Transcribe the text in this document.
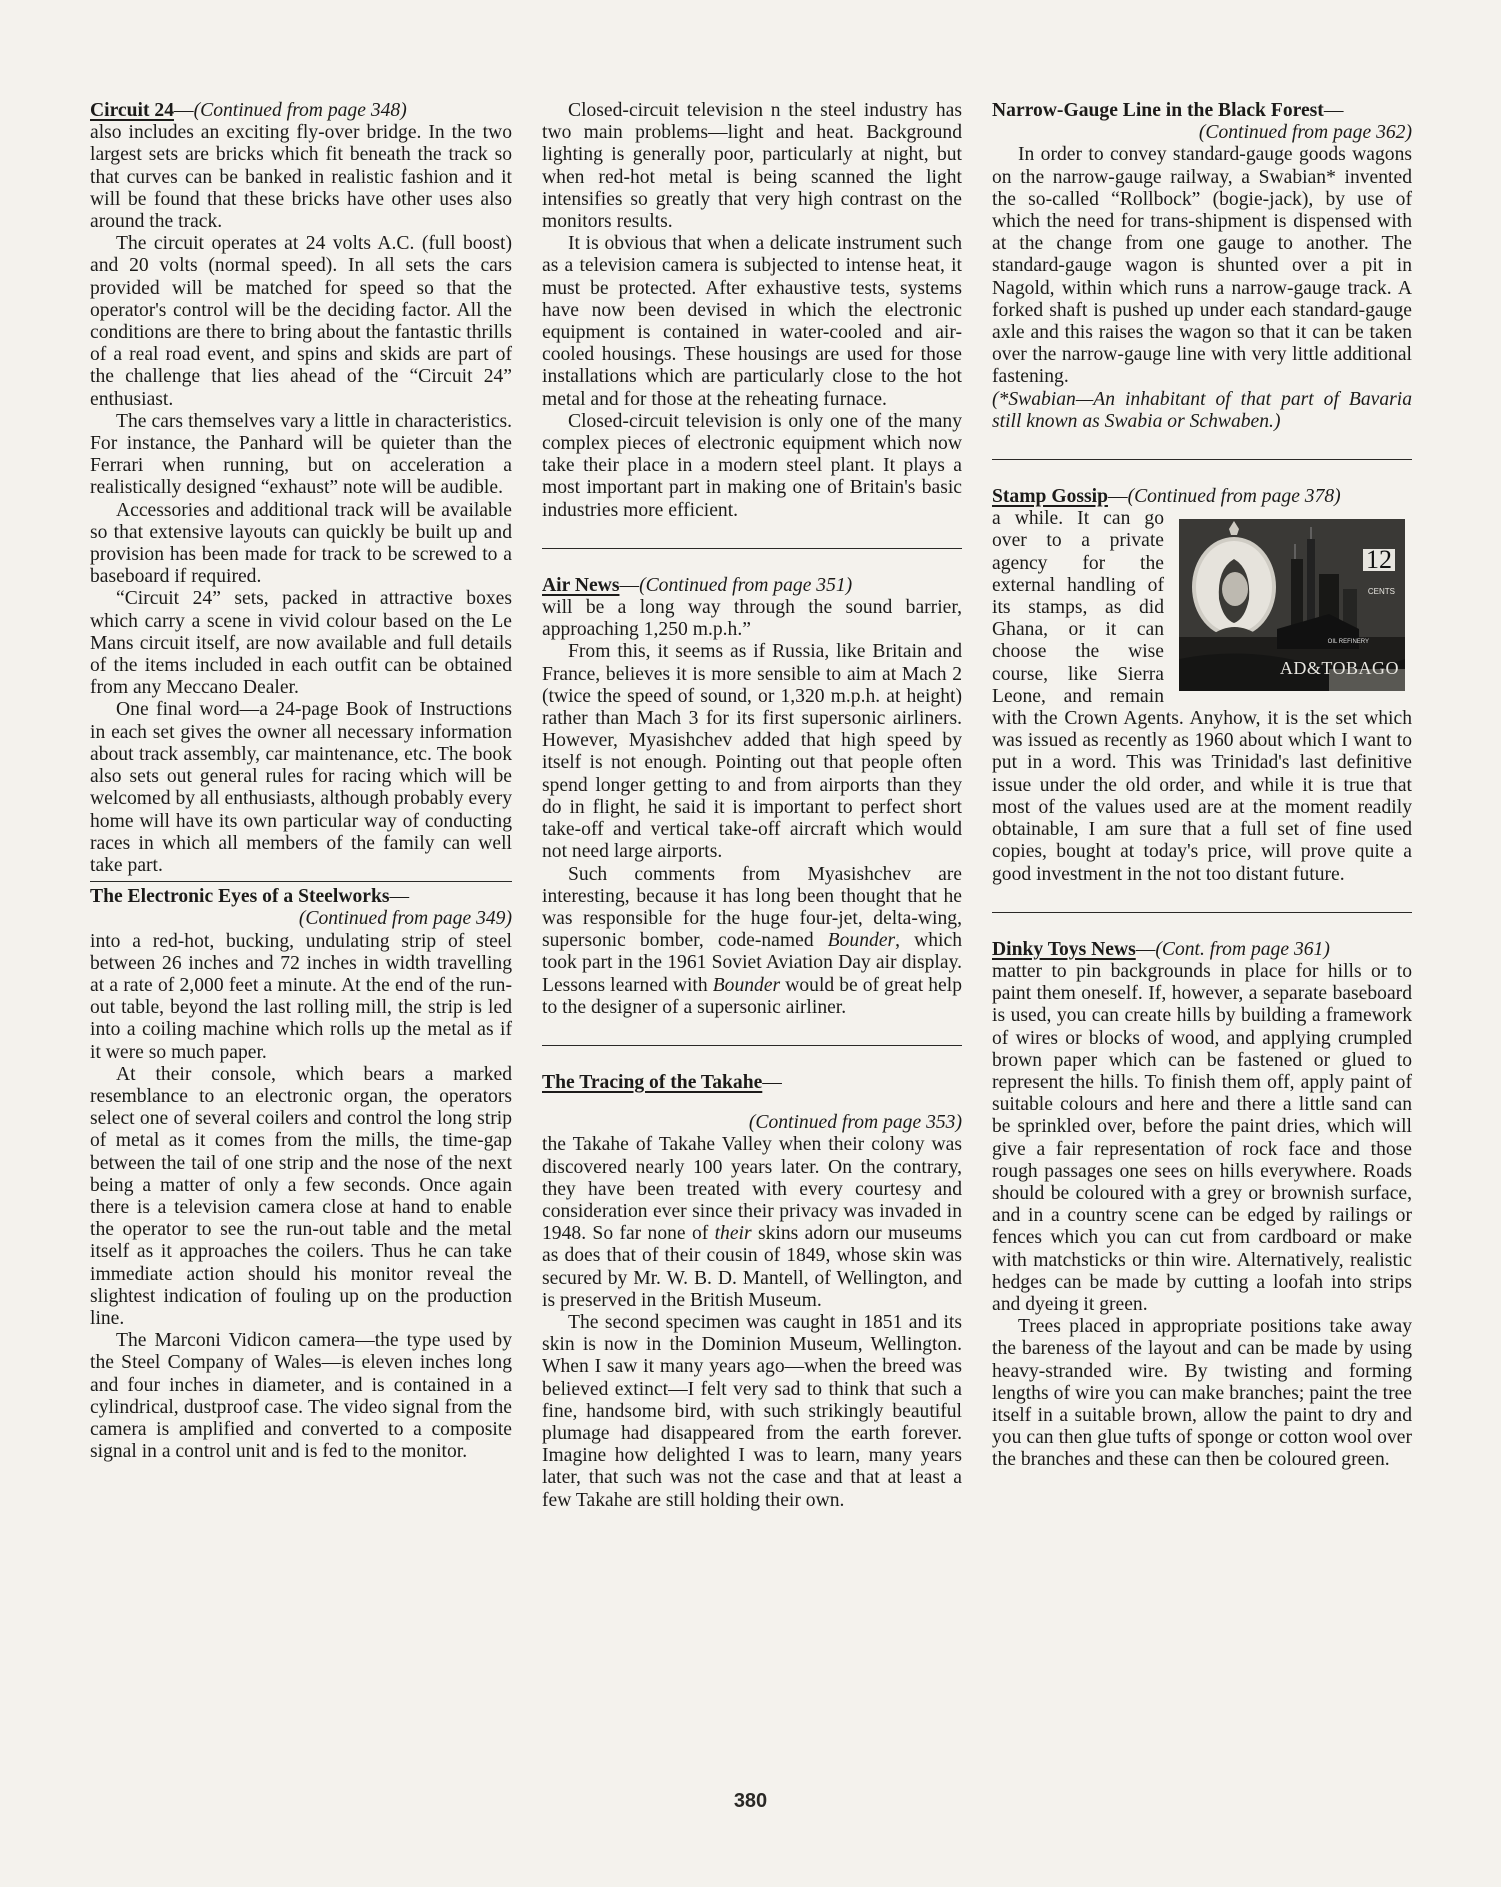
Circuit 24—(Continued from page 348)

also includes an exciting fly-over bridge. In the two largest sets are bricks which fit beneath the track so that curves can be banked in realistic fashion and it will be found that these bricks have other uses also around the track.

The circuit operates at 24 volts A.C. (full boost) and 20 volts (normal speed). In all sets the cars provided will be matched for speed so that the operator's control will be the deciding factor. All the conditions are there to bring about the fantastic thrills of a real road event, and spins and skids are part of the challenge that lies ahead of the “Circuit 24” enthusiast.

The cars themselves vary a little in characteristics. For instance, the Panhard will be quieter than the Ferrari when running, but on acceleration a realistically designed “exhaust” note will be audible.

Accessories and additional track will be available so that extensive layouts can quickly be built up and provision has been made for track to be screwed to a baseboard if required.

“Circuit 24” sets, packed in attractive boxes which carry a scene in vivid colour based on the Le Mans circuit itself, are now available and full details of the items included in each outfit can be obtained from any Meccano Dealer.

One final word—a 24-page Book of Instructions in each set gives the owner all necessary information about track assembly, car maintenance, etc. The book also sets out general rules for racing which will be welcomed by all enthusiasts, although probably every home will have its own particular way of conducting races in which all members of the family can well take part.

The Electronic Eyes of a Steelworks—
(Continued from page 349)

into a red-hot, bucking, undulating strip of steel between 26 inches and 72 inches in width travelling at a rate of 2,000 feet a minute. At the end of the run-out table, beyond the last rolling mill, the strip is led into a coiling machine which rolls up the metal as if it were so much paper.

At their console, which bears a marked resemblance to an electronic organ, the operators select one of several coilers and control the long strip of metal as it comes from the mills, the time-gap between the tail of one strip and the nose of the next being a matter of only a few seconds. Once again there is a television camera close at hand to enable the operator to see the run-out table and the metal itself as it approaches the coilers. Thus he can take immediate action should his monitor reveal the slightest indication of fouling up on the production line.

The Marconi Vidicon camera—the type used by the Steel Company of Wales—is eleven inches long and four inches in diameter, and is contained in a cylindrical, dustproof case. The video signal from the camera is amplified and converted to a composite signal in a control unit and is fed to the monitor.

Closed-circuit television n the steel industry has two main problems—light and heat. Background lighting is generally poor, particularly at night, but when red-hot metal is being scanned the light intensifies so greatly that very high contrast on the monitors results.

It is obvious that when a delicate instrument such as a television camera is subjected to intense heat, it must be protected. After exhaustive tests, systems have now been devised in which the electronic equipment is contained in water-cooled and air-cooled housings. These housings are used for those installations which are particularly close to the hot metal and for those at the reheating furnace.

Closed-circuit television is only one of the many complex pieces of electronic equipment which now take their place in a modern steel plant. It plays a most important part in making one of Britain's basic industries more efficient.

Air News—(Continued from page 351)

will be a long way through the sound barrier, approaching 1,250 m.p.h.”

From this, it seems as if Russia, like Britain and France, believes it is more sensible to aim at Mach 2 (twice the speed of sound, or 1,320 m.p.h. at height) rather than Mach 3 for its first supersonic airliners. However, Myasishchev added that high speed by itself is not enough. Pointing out that people often spend longer getting to and from airports than they do in flight, he said it is important to perfect short take-off and vertical take-off aircraft which would not need large airports.

Such comments from Myasishchev are interesting, because it has long been thought that he was responsible for the huge four-jet, delta-wing, supersonic bomber, code-named Bounder, which took part in the 1961 Soviet Aviation Day air display. Lessons learned with Bounder would be of great help to the designer of a supersonic airliner.

The Tracing of the Takahe—
(Continued from page 353)

the Takahe of Takahe Valley when their colony was discovered nearly 100 years later. On the contrary, they have been treated with every courtesy and consideration ever since their privacy was invaded in 1948. So far none of their skins adorn our museums as does that of their cousin of 1849, whose skin was secured by Mr. W. B. D. Mantell, of Wellington, and is preserved in the British Museum.

The second specimen was caught in 1851 and its skin is now in the Dominion Museum, Wellington. When I saw it many years ago—when the breed was believed extinct—I felt very sad to think that such a fine, handsome bird, with such strikingly beautiful plumage had disappeared from the earth forever. Imagine how delighted I was to learn, many years later, that such was not the case and that at least a few Takahe are still holding their own.

Narrow-Gauge Line in the Black Forest—
(Continued from page 362)

In order to convey standard-gauge goods wagons on the narrow-gauge railway, a Swabian* invented the so-called “Rollbock” (bogie-jack), by use of which the need for trans-shipment is dispensed with at the change from one gauge to another. The standard-gauge wagon is shunted over a pit in Nagold, within which runs a narrow-gauge track. A forked shaft is pushed up under each standard-gauge axle and this raises the wagon so that it can be taken over the narrow-gauge line with very little additional fastening.

(*Swabian—An inhabitant of that part of Bavaria still known as Swabia or Schwaben.)

Stamp Gossip—(Continued from page 378)
12
CENTS
OIL REFINERY
AD&TOBAGO

a while. It can go over to a private agency for the external handling of its stamps, as did Ghana, or it can choose the wise course, like Sierra Leone, and remain with the Crown Agents. Anyhow, it is the set which was issued as recently as 1960 about which I want to put in a word. This was Trinidad's last definitive issue under the old order, and while it is true that most of the values used are at the moment readily obtainable, I am sure that a full set of fine used copies, bought at today's price, will prove quite a good investment in the not too distant future.

Dinky Toys News—(Cont. from page 361)

matter to pin backgrounds in place for hills or to paint them oneself. If, however, a separate baseboard is used, you can create hills by building a framework of wires or blocks of wood, and applying crumpled brown paper which can be fastened or glued to represent the hills. To finish them off, apply paint of suitable colours and here and there a little sand can be sprinkled over, before the paint dries, which will give a fair representation of rock face and those rough passages one sees on hills everywhere. Roads should be coloured with a grey or brownish surface, and in a country scene can be edged by railings or fences which you can cut from cardboard or make with matchsticks or thin wire. Alternatively, realistic hedges can be made by cutting a loofah into strips and dyeing it green.

Trees placed in appropriate positions take away the bareness of the layout and can be made by using heavy-stranded wire. By twisting and forming lengths of wire you can make branches; paint the tree itself in a suitable brown, allow the paint to dry and you can then glue tufts of sponge or cotton wool over the branches and these can then be coloured green.

380
